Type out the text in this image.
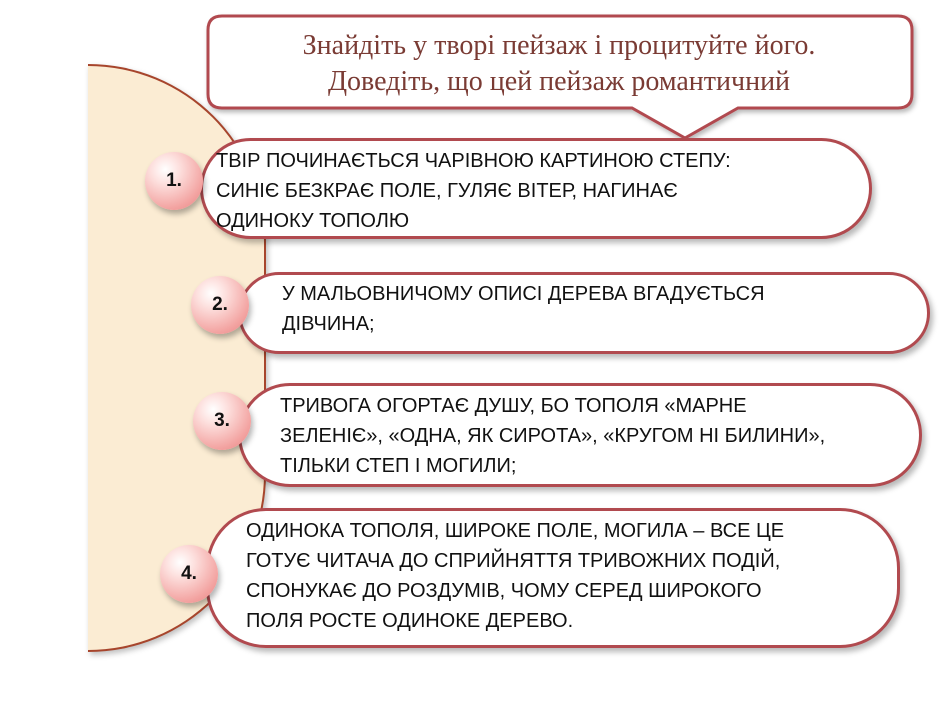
Знайдіть у творі пейзаж і процитуйте його.
Доведіть, що цей пейзаж романтичний
1.
ТВІР ПОЧИНАЄТЬСЯ ЧАРІВНОЮ КАРТИНОЮ СТЕПУ:
СИНІЄ БЕЗКРАЄ ПОЛЕ, ГУЛЯЄ ВІТЕР, НАГИНАЄ
ОДИНОКУ ТОПОЛЮ
2.	У МАЛЬОВНИЧОМУ ОПИСІ ДЕРЕВА ВГАДУЄТЬСЯ
ДІВЧИНА;
3.
ТРИВОГА ОГОРТАЄ ДУШУ, БО ТОПОЛЯ «МАРНЕ
ЗЕЛЕНІЄ», «ОДНА, ЯК СИРОТА», «КРУГОМ НІ БИЛИНИ»,
ТІЛЬКИ СТЕП І МОГИЛИ;
4.
ОДИНОКА ТОПОЛЯ, ШИРОКЕ ПОЛЕ, МОГИЛА – ВСЕ ЦЕ
ГОТУЄ ЧИТАЧА ДО СПРИЙНЯТТЯ ТРИВОЖНИХ ПОДІЙ,
СПОНУКАЄ ДО РОЗДУМІВ, ЧОМУ СЕРЕД ШИРОКОГО
ПОЛЯ РОСТЕ ОДИНОКЕ ДЕРЕВО.
